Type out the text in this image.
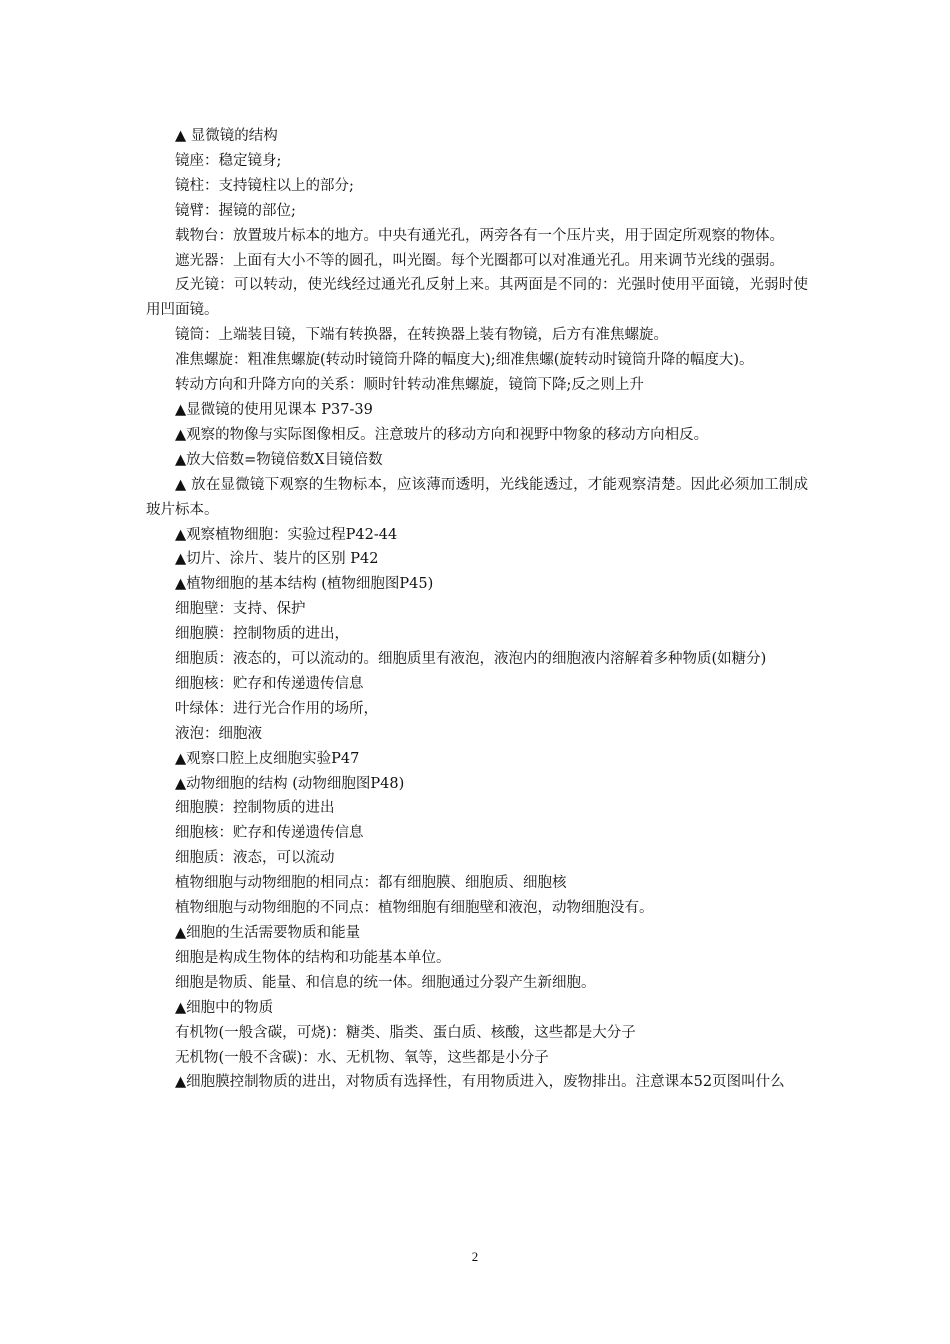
▲ 显微镜的结构

镜座：稳定镜身;

镜柱：支持镜柱以上的部分;

镜臂：握镜的部位;

载物台：放置玻片标本的地方。中央有通光孔，两旁各有一个压片夹，用于固定所观察的物体。

遮光器：上面有大小不等的圆孔，叫光圈。每个光圈都可以对准通光孔。用来调节光线的强弱。

反光镜：可以转动，使光线经过通光孔反射上来。其两面是不同的：光强时使用平面镜，光弱时使用凹面镜。

镜筒：上端装目镜，下端有转换器，在转换器上装有物镜，后方有准焦螺旋。

准焦螺旋：粗准焦螺旋(转动时镜筒升降的幅度大);细准焦螺(旋转动时镜筒升降的幅度大)。

转动方向和升降方向的关系：顺时针转动准焦螺旋，镜筒下降;反之则上升

▲显微镜的使用见课本 P37-39

▲观察的物像与实际图像相反。注意玻片的移动方向和视野中物象的移动方向相反。

▲放大倍数=物镜倍数X目镜倍数

▲ 放在显微镜下观察的生物标本，应该薄而透明，光线能透过，才能观察清楚。因此必须加工制成玻片标本。

▲观察植物细胞：实验过程P42-44

▲切片、涂片、装片的区别 P42

▲植物细胞的基本结构 (植物细胞图P45)

细胞壁：支持、保护

细胞膜：控制物质的进出，

细胞质：液态的，可以流动的。细胞质里有液泡，液泡内的细胞液内溶解着多种物质(如糖分)

细胞核：贮存和传递遗传信息

叶绿体：进行光合作用的场所，

液泡：细胞液

▲观察口腔上皮细胞实验P47

▲动物细胞的结构 (动物细胞图P48)

细胞膜：控制物质的进出

细胞核：贮存和传递遗传信息

细胞质：液态，可以流动

植物细胞与动物细胞的相同点：都有细胞膜、细胞质、细胞核

植物细胞与动物细胞的不同点：植物细胞有细胞壁和液泡，动物细胞没有。

▲细胞的生活需要物质和能量

细胞是构成生物体的结构和功能基本单位。

细胞是物质、能量、和信息的统一体。细胞通过分裂产生新细胞。

▲细胞中的物质

有机物(一般含碳，可烧)：糖类、脂类、蛋白质、核酸，这些都是大分子

无机物(一般不含碳)：水、无机物、氧等，这些都是小分子

▲细胞膜控制物质的进出，对物质有选择性，有用物质进入，废物排出。注意课本52页图叫什么

2
